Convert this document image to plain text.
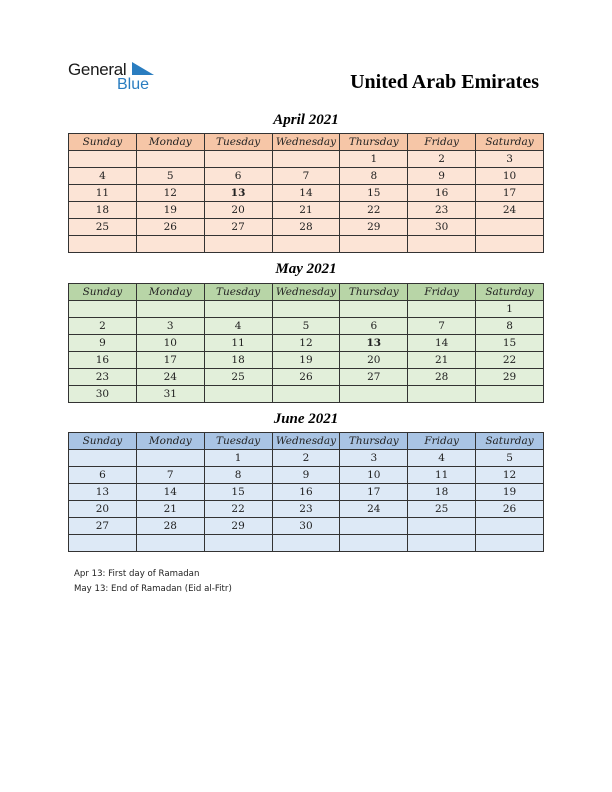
General
Blue	United Arab Emirates
April 2021
Sunday	Monday	Tuesday	Wednesday	Thursday	Friday	Saturday
				1	2	3
4	5	6	7	8	9	10
11	12	13	14	15	16	17
18	19	20	21	22	23	24
25	26	27	28	29	30	

May 2021
Sunday	Monday	Tuesday	Wednesday	Thursday	Friday	Saturday
						1
2	3	4	5	6	7	8
9	10	11	12	13	14	15
16	17	18	19	20	21	22
23	24	25	26	27	28	29
30	31					
June 2021
Sunday	Monday	Tuesday	Wednesday	Thursday	Friday	Saturday
		1	2	3	4	5
6	7	8	9	10	11	12
13	14	15	16	17	18	19
20	21	22	23	24	25	26
27	28	29	30			

Apr 13: First day of Ramadan
May 13: End of Ramadan (Eid al-Fitr)
